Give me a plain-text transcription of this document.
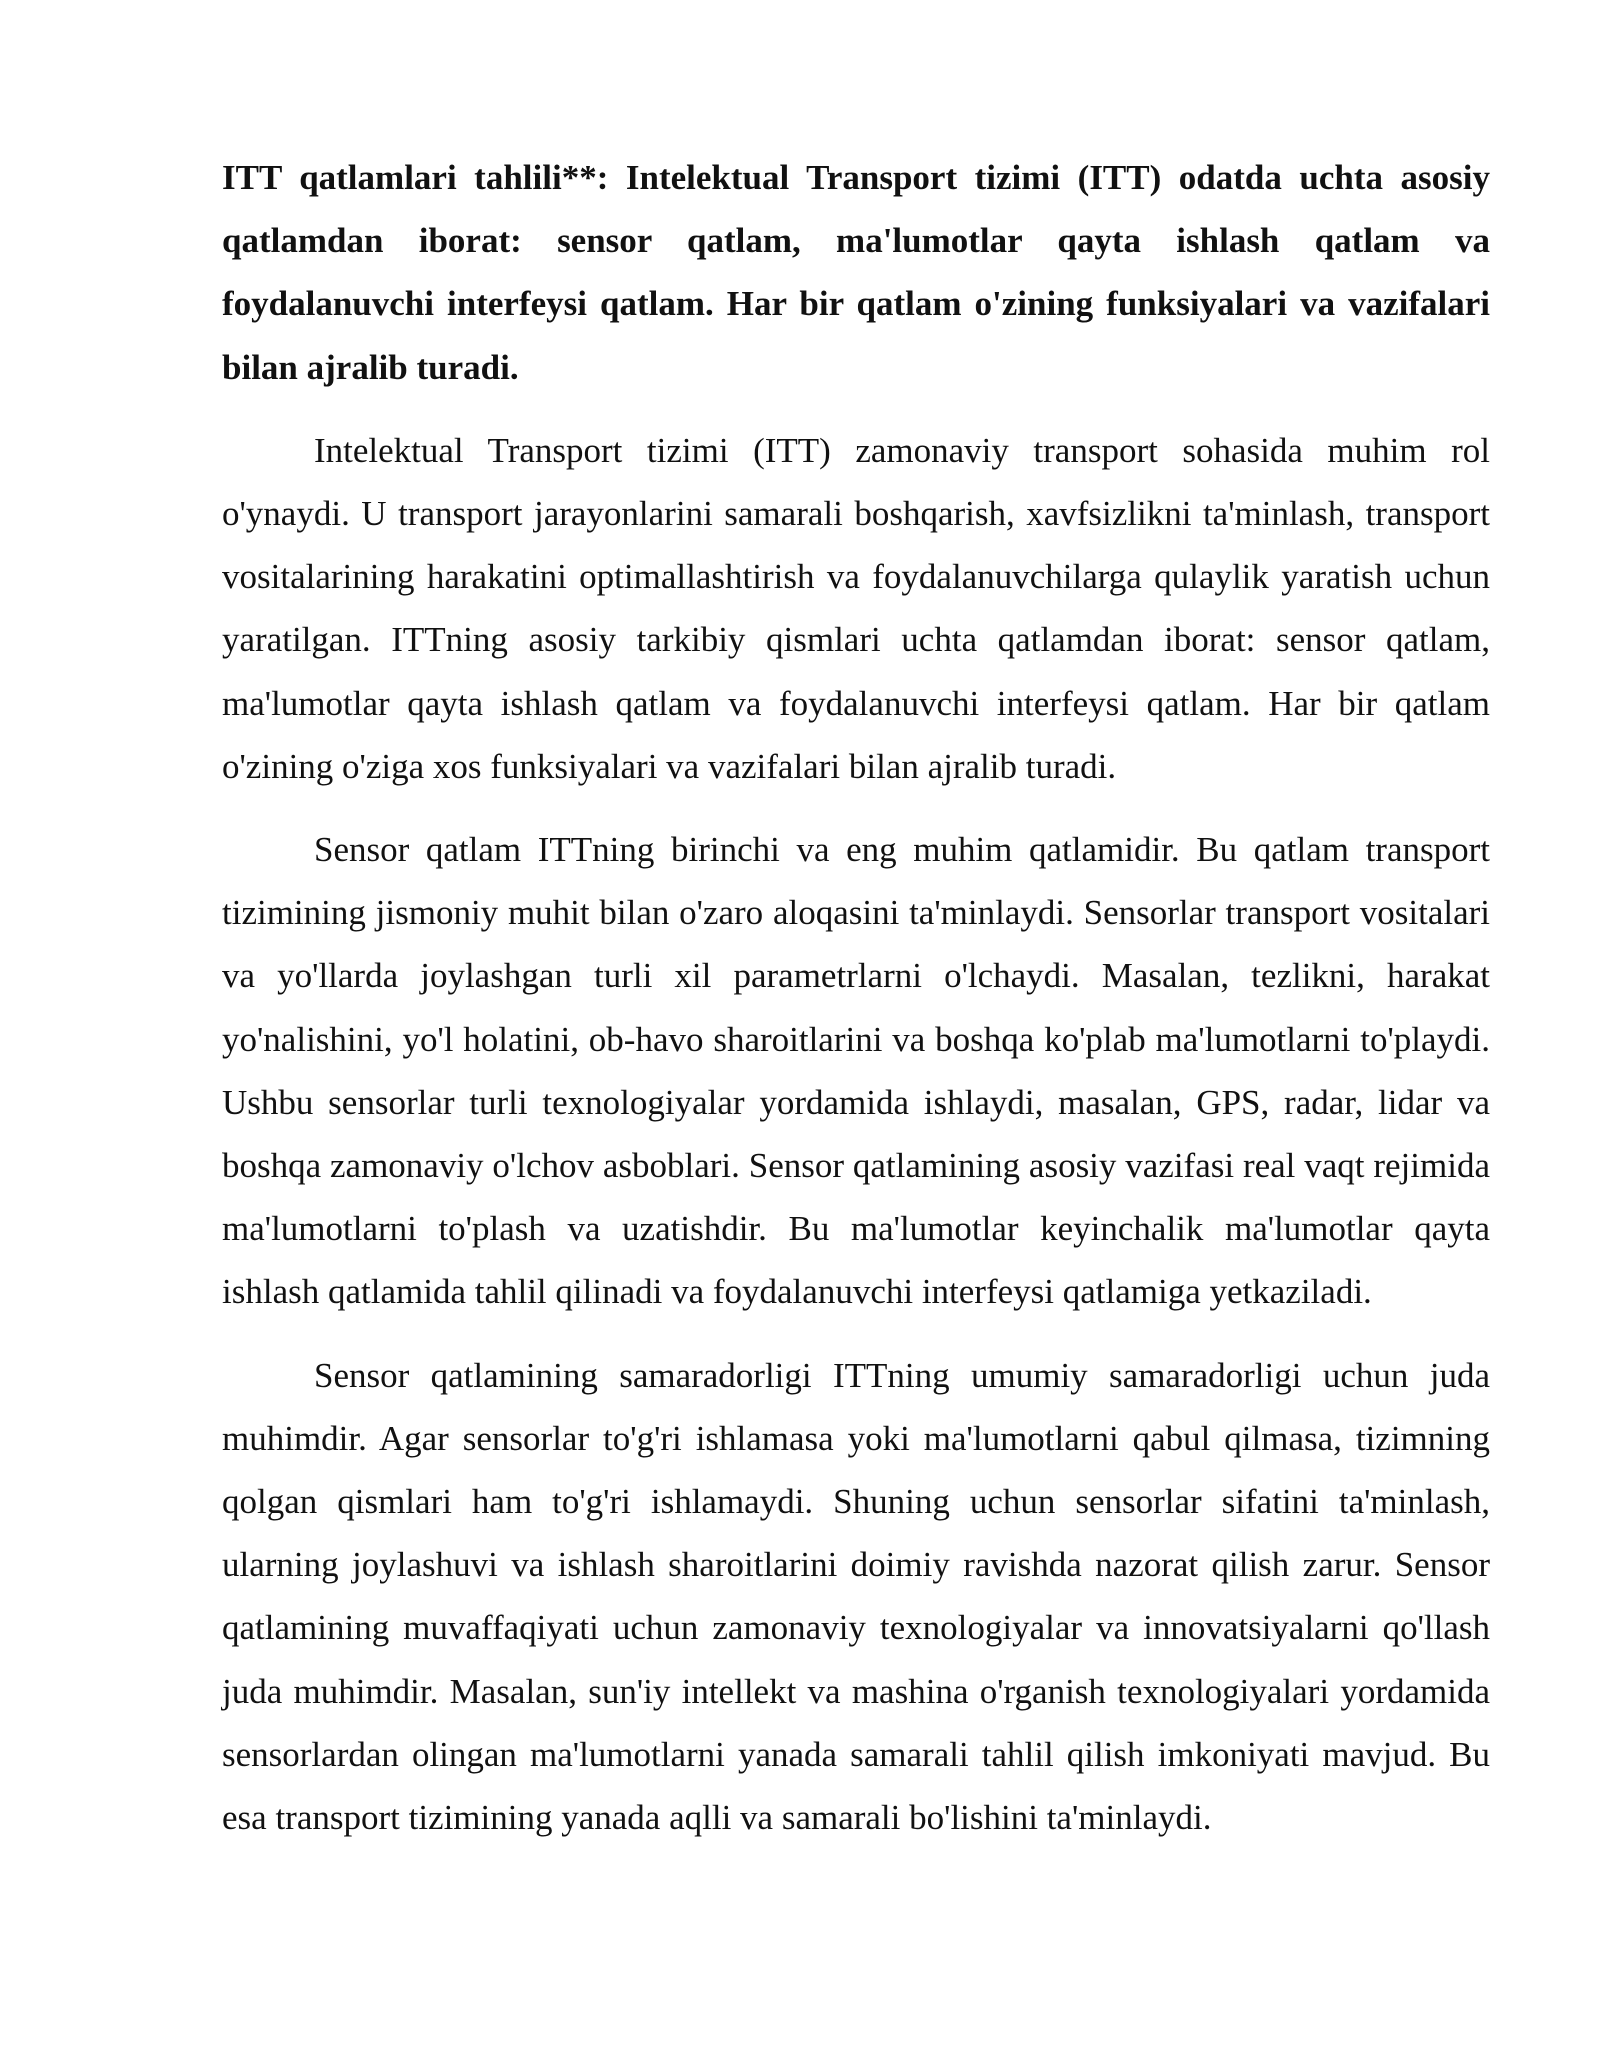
ITT qatlamlari tahlili**: Intelektual Transport tizimi (ITT) odatda uchta asosiy qatlamdan iborat: sensor qatlam, ma'lumotlar qayta ishlash qatlam va foydalanuvchi interfeysi qatlam. Har bir qatlam o'zining funksiyalari va vazifalari bilan ajralib turadi.

Intelektual Transport tizimi (ITT) zamonaviy transport sohasida muhim rol o'ynaydi. U transport jarayonlarini samarali boshqarish, xavfsizlikni ta'minlash, transport vositalarining harakatini optimallashtirish va foydalanuvchilarga qulaylik yaratish uchun yaratilgan. ITTning asosiy tarkibiy qismlari uchta qatlamdan iborat: sensor qatlam, ma'lumotlar qayta ishlash qatlam va foydalanuvchi interfeysi qatlam. Har bir qatlam o'zining o'ziga xos funksiyalari va vazifalari bilan ajralib turadi.

Sensor qatlam ITTning birinchi va eng muhim qatlamidir. Bu qatlam transport tizimining jismoniy muhit bilan o'zaro aloqasini ta'minlaydi. Sensorlar transport vositalari va yo'llarda joylashgan turli xil parametrlarni o'lchaydi. Masalan, tezlikni, harakat yo'nalishini, yo'l holatini, ob-havo sharoitlarini va boshqa ko'plab ma'lumotlarni to'playdi. Ushbu sensorlar turli texnologiyalar yordamida ishlaydi, masalan, GPS, radar, lidar va boshqa zamonaviy o'lchov asboblari. Sensor qatlamining asosiy vazifasi real vaqt rejimida ma'lumotlarni to'plash va uzatishdir. Bu ma'lumotlar keyinchalik ma'lumotlar qayta ishlash qatlamida tahlil qilinadi va foydalanuvchi interfeysi qatlamiga yetkaziladi.

Sensor qatlamining samaradorligi ITTning umumiy samaradorligi uchun juda muhimdir. Agar sensorlar to'g'ri ishlamasa yoki ma'lumotlarni qabul qilmasa, tizimning qolgan qismlari ham to'g'ri ishlamaydi. Shuning uchun sensorlar sifatini ta'minlash, ularning joylashuvi va ishlash sharoitlarini doimiy ravishda nazorat qilish zarur. Sensor qatlamining muvaffaqiyati uchun zamonaviy texnologiyalar va innovatsiyalarni qo'llash juda muhimdir. Masalan, sun'iy intellekt va mashina o'rganish texnologiyalari yordamida sensorlardan olingan ma'lumotlarni yanada samarali tahlil qilish imkoniyati mavjud. Bu esa transport tizimining yanada aqlli va samarali bo'lishini ta'minlaydi.
